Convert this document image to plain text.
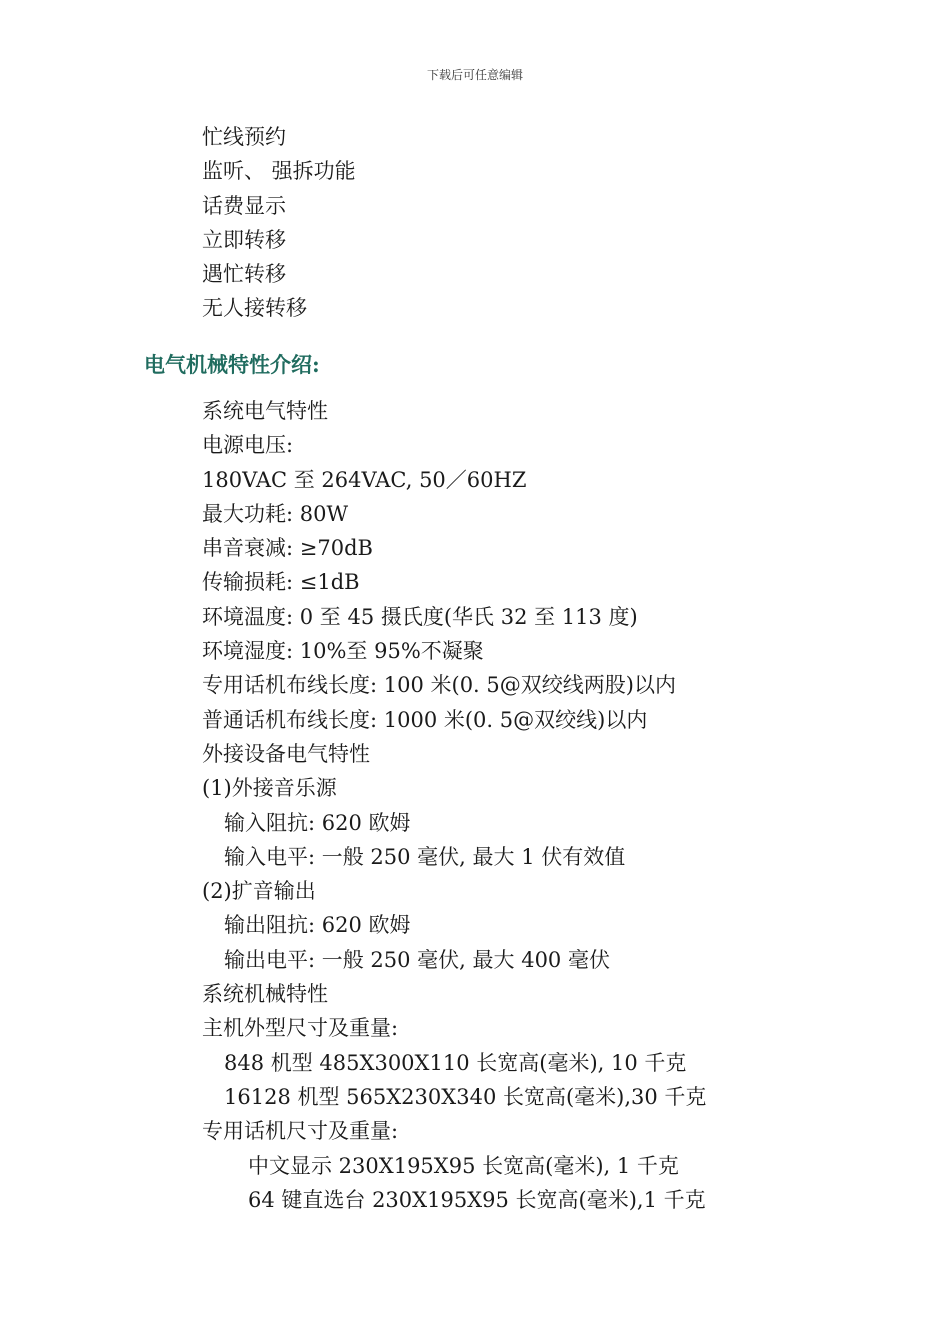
下载后可任意编辑
忙线预约
监听、 强拆功能
话费显示
立即转移
遇忙转移
无人接转移
电气机械特性介绍:
系统电气特性
电源电压:
180VAC 至 264VAC, 50／60HZ
最大功耗: 80W
串音衰减: ≥70dB
传输损耗: ≤1dB
环境温度: 0 至 45 摄氏度(华氏 32 至 113 度)
环境湿度: 10%至 95%不凝聚
专用话机布线长度: 100 米(0. 5@双绞线两股)以内
普通话机布线长度: 1000 米(0. 5@双绞线)以内
外接设备电气特性
(1)外接音乐源
输入阻抗: 620 欧姆
输入电平: 一般 250 毫伏, 最大 1 伏有效值
(2)扩音输出
输出阻抗: 620 欧姆
输出电平: 一般 250 毫伏, 最大 400 毫伏
系统机械特性
主机外型尺寸及重量:
848 机型 485X300X110 长宽高(毫米), 10 千克
16128 机型 565X230X340 长宽高(毫米),30 千克
专用话机尺寸及重量:
中文显示 230X195X95 长宽高(毫米), 1 千克
64 键直选台 230X195X95 长宽高(毫米),1 千克
